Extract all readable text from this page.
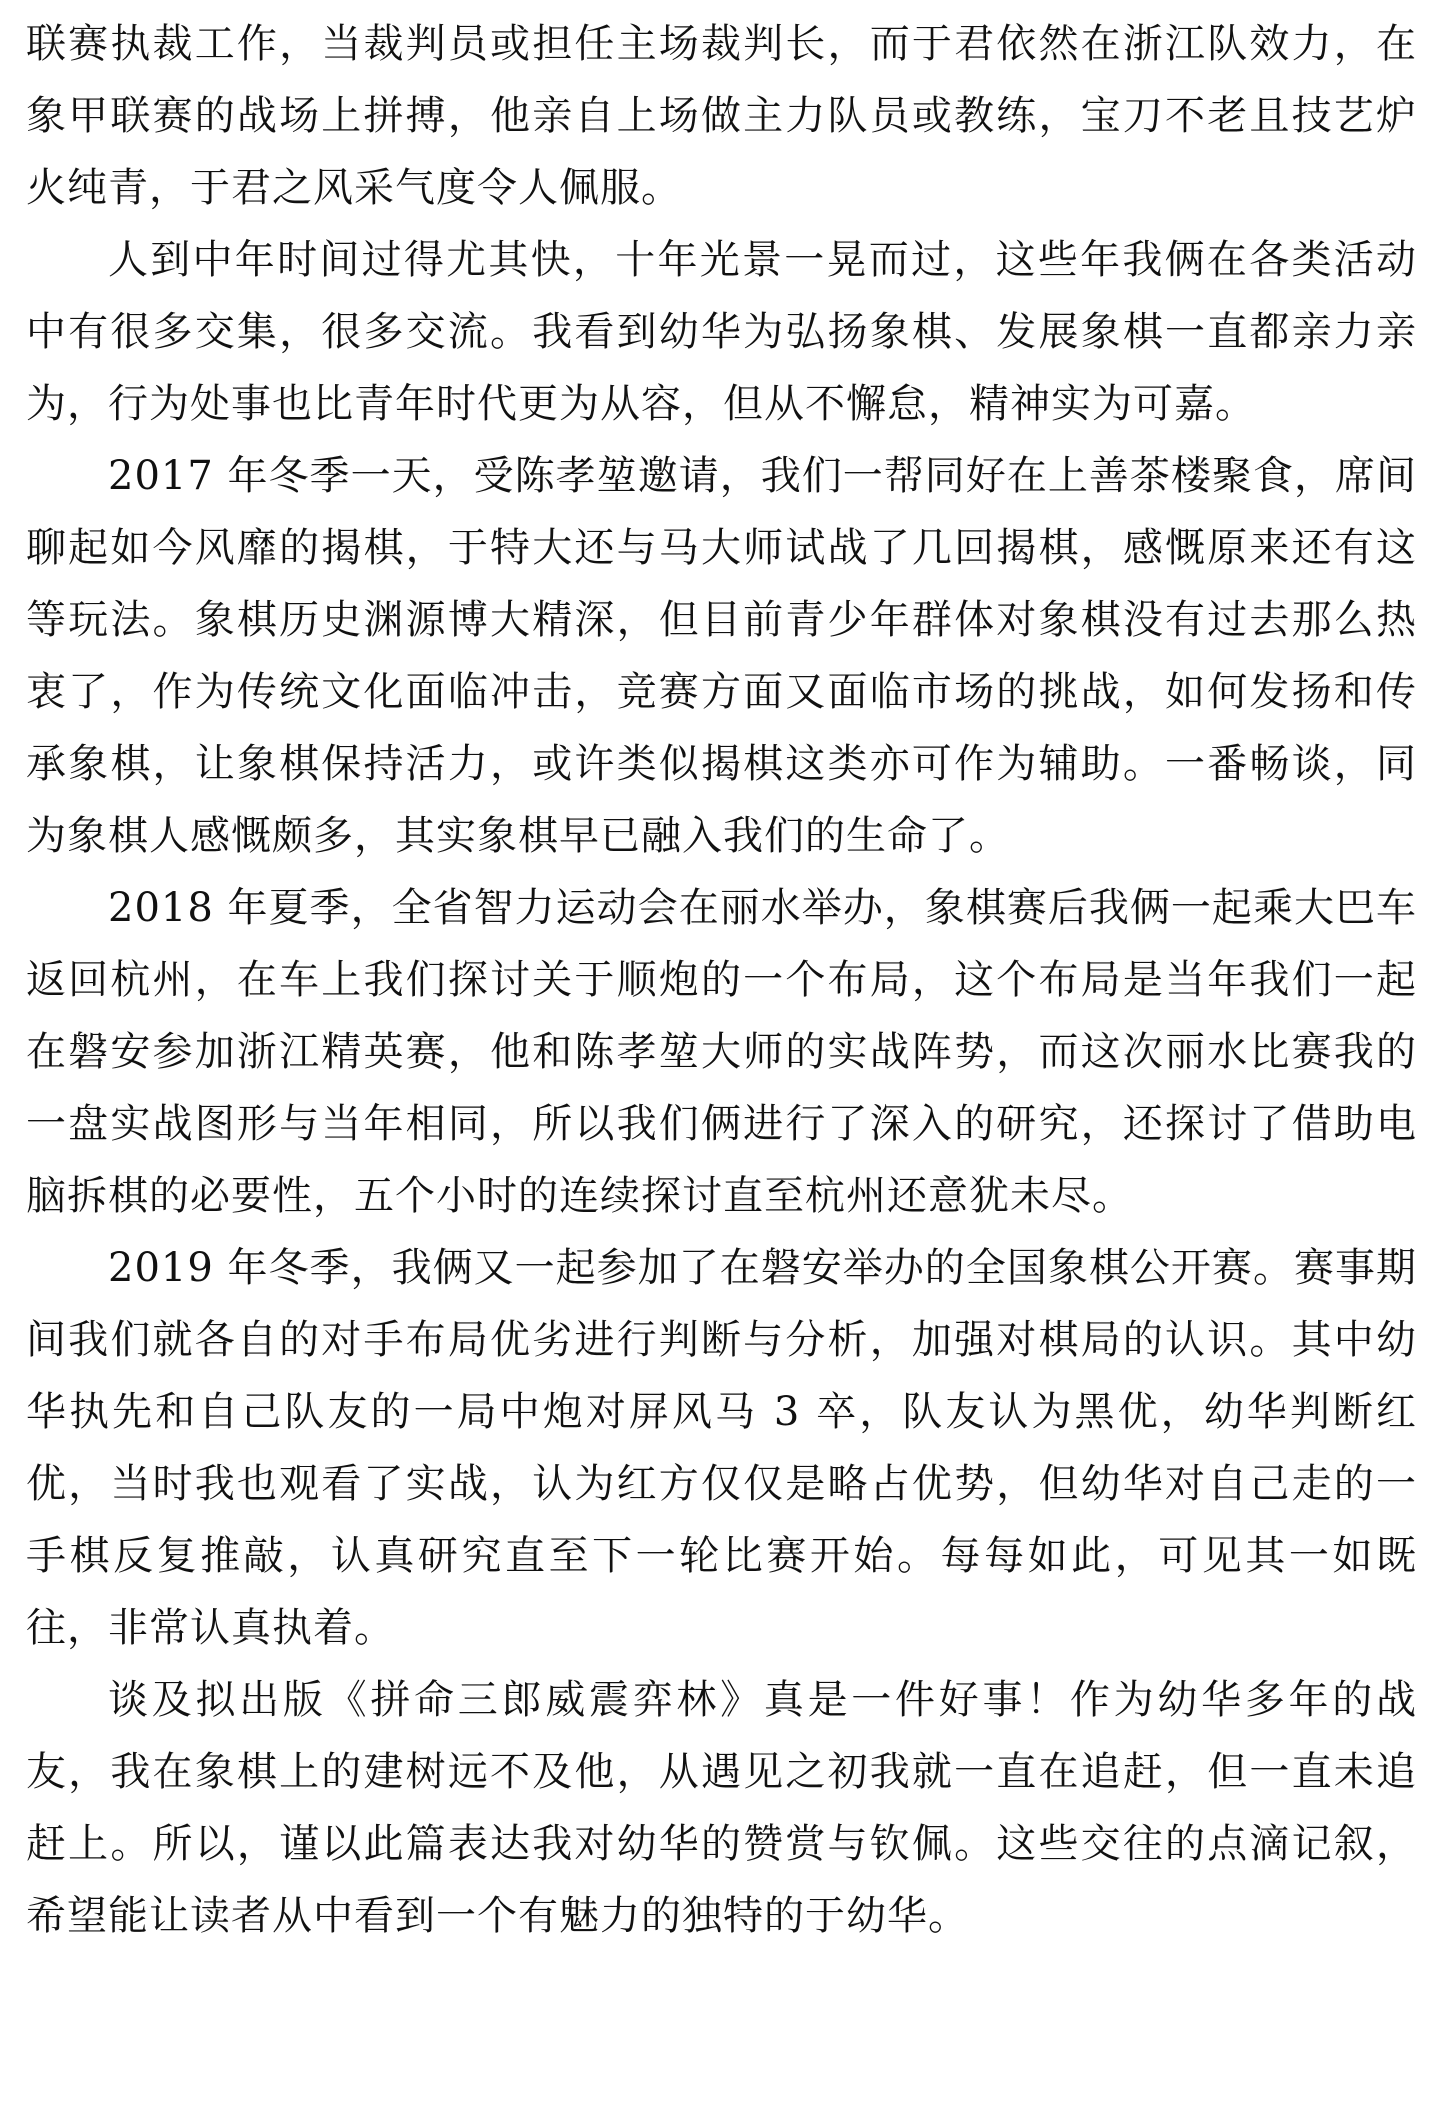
联赛执裁工作，当裁判员或担任主场裁判长，而于君依然在浙江队效力，在象甲联赛的战场上拼搏，他亲自上场做主力队员或教练，宝刀不老且技艺炉火纯青，于君之风采气度令人佩服。

人到中年时间过得尤其快，十年光景一晃而过，这些年我俩在各类活动中有很多交集，很多交流。我看到幼华为弘扬象棋、发展象棋一直都亲力亲为，行为处事也比青年时代更为从容，但从不懈怠，精神实为可嘉。

2017 年冬季一天，受陈孝堃邀请，我们一帮同好在上善茶楼聚食，席间聊起如今风靡的揭棋，于特大还与马大师试战了几回揭棋，感慨原来还有这等玩法。象棋历史渊源博大精深，但目前青少年群体对象棋没有过去那么热衷了，作为传统文化面临冲击，竞赛方面又面临市场的挑战，如何发扬和传承象棋，让象棋保持活力，或许类似揭棋这类亦可作为辅助。一番畅谈，同为象棋人感慨颇多，其实象棋早已融入我们的生命了。

2018 年夏季，全省智力运动会在丽水举办，象棋赛后我俩一起乘大巴车返回杭州，在车上我们探讨关于顺炮的一个布局，这个布局是当年我们一起在磐安参加浙江精英赛，他和陈孝堃大师的实战阵势，而这次丽水比赛我的一盘实战图形与当年相同，所以我们俩进行了深入的研究，还探讨了借助电脑拆棋的必要性，五个小时的连续探讨直至杭州还意犹未尽。

2019 年冬季，我俩又一起参加了在磐安举办的全国象棋公开赛。赛事期间我们就各自的对手布局优劣进行判断与分析，加强对棋局的认识。其中幼华执先和自己队友的一局中炮对屏风马 3 卒，队友认为黑优，幼华判断红优，当时我也观看了实战，认为红方仅仅是略占优势，但幼华对自己走的一手棋反复推敲，认真研究直至下一轮比赛开始。每每如此，可见其一如既往，非常认真执着。

谈及拟出版《拼命三郎威震弈林》真是一件好事！作为幼华多年的战友，我在象棋上的建树远不及他，从遇见之初我就一直在追赶，但一直未追赶上。所以，谨以此篇表达我对幼华的赞赏与钦佩。这些交往的点滴记叙，希望能让读者从中看到一个有魅力的独特的于幼华。
